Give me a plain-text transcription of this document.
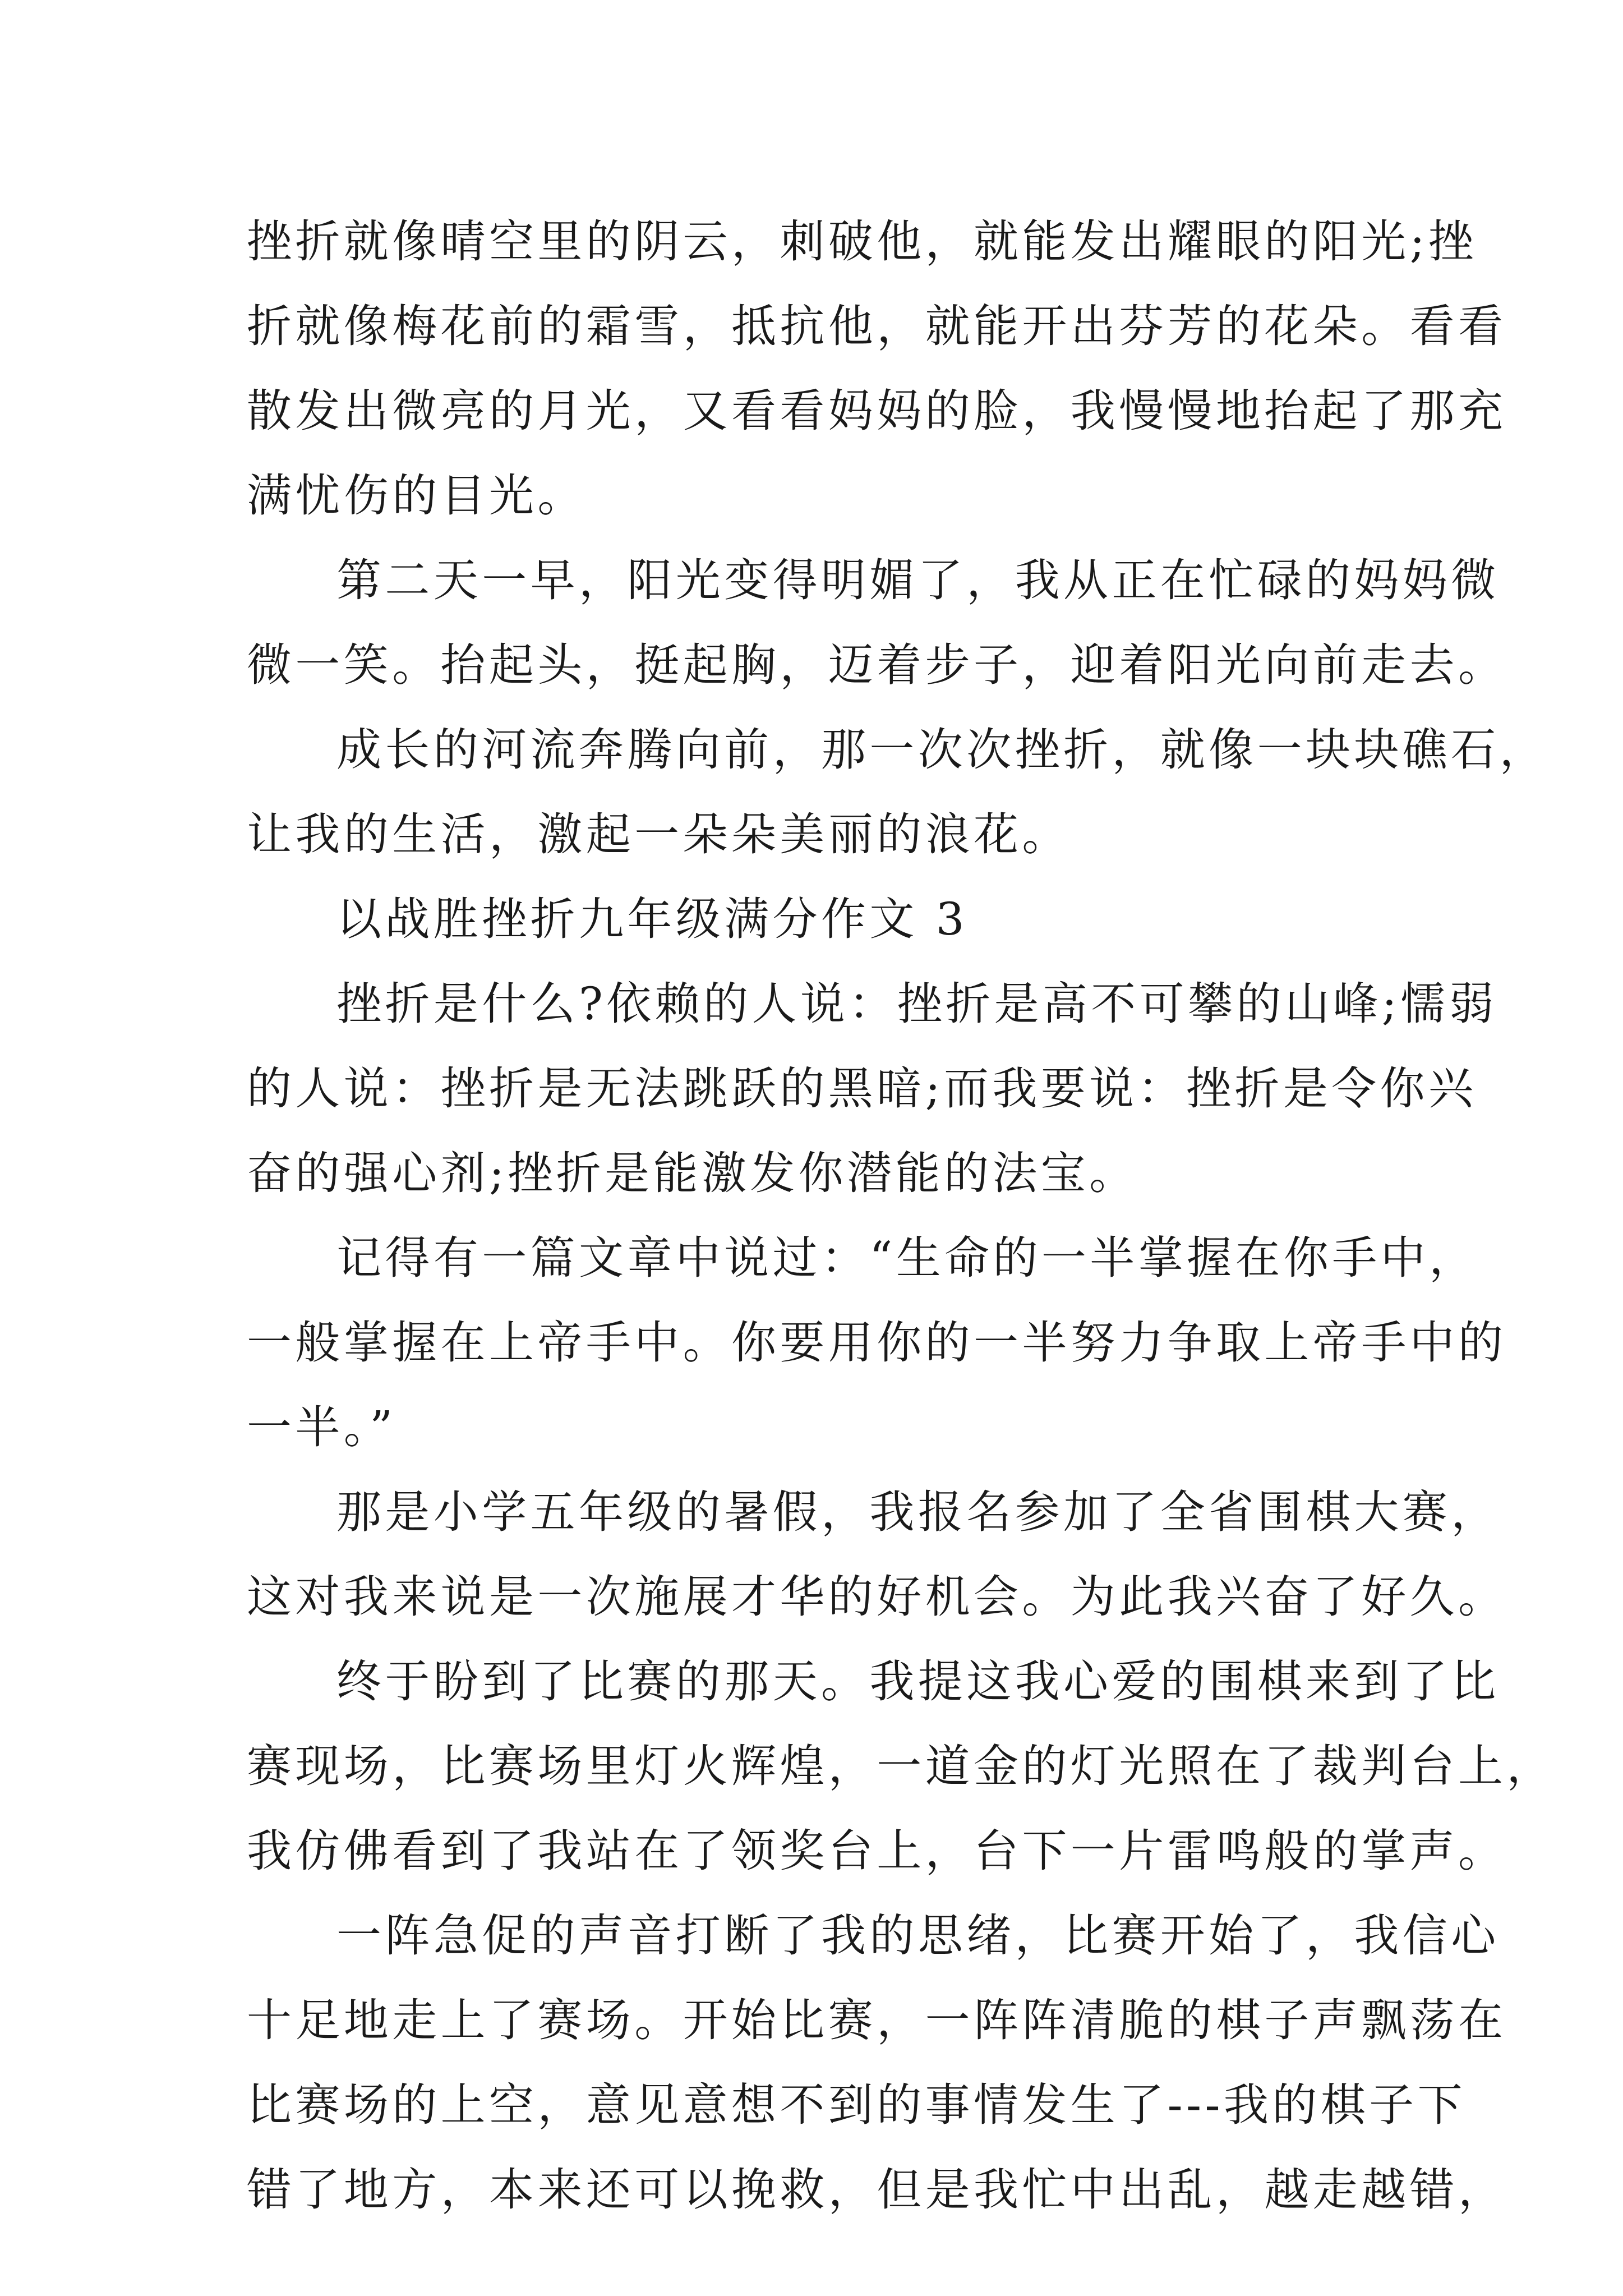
挫折就像晴空里的阴云，刺破他，就能发出耀眼的阳光;挫
折就像梅花前的霜雪，抵抗他，就能开出芬芳的花朵。看看
散发出微亮的月光，又看看妈妈的脸，我慢慢地抬起了那充
满忧伤的目光。
第二天一早，阳光变得明媚了，我从正在忙碌的妈妈微
微一笑。抬起头，挺起胸，迈着步子，迎着阳光向前走去。
成长的河流奔腾向前，那一次次挫折，就像一块块礁石，
让我的生活，激起一朵朵美丽的浪花。
以战胜挫折九年级满分作文 3
挫折是什么?依赖的人说：挫折是高不可攀的山峰;懦弱
的人说：挫折是无法跳跃的黑暗;而我要说：挫折是令你兴
奋的强心剂;挫折是能激发你潜能的法宝。
记得有一篇文章中说过：“生命的一半掌握在你手中，
一般掌握在上帝手中。你要用你的一半努力争取上帝手中的
一半。”
那是小学五年级的暑假，我报名参加了全省围棋大赛，
这对我来说是一次施展才华的好机会。为此我兴奋了好久。
终于盼到了比赛的那天。我提这我心爱的围棋来到了比
赛现场，比赛场里灯火辉煌，一道金的灯光照在了裁判台上，
我仿佛看到了我站在了领奖台上，台下一片雷鸣般的掌声。
一阵急促的声音打断了我的思绪，比赛开始了，我信心
十足地走上了赛场。开始比赛，一阵阵清脆的棋子声飘荡在
比赛场的上空，意见意想不到的事情发生了---我的棋子下
错了地方，本来还可以挽救，但是我忙中出乱，越走越错，
